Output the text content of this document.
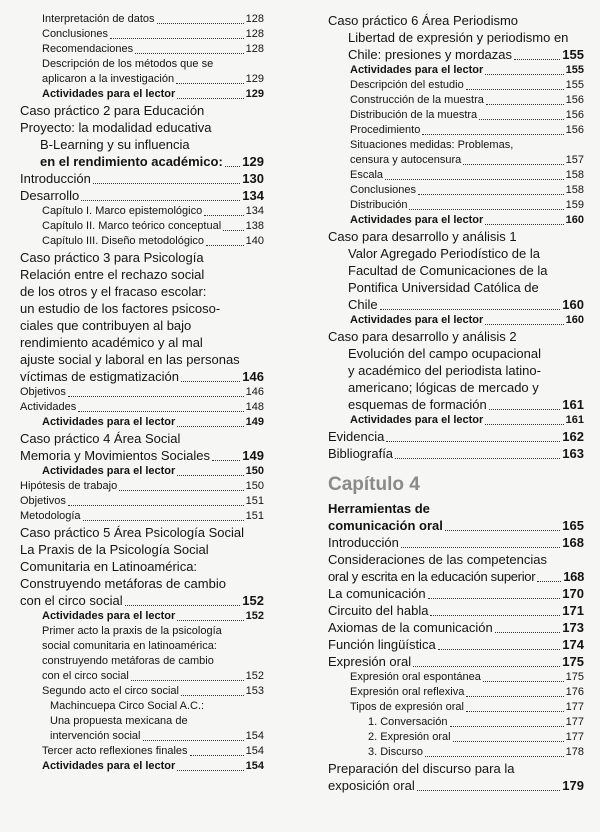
Interpretación de datos	128
Conclusiones	128
Recomendaciones	128
Descripción de los métodos que se
aplicaron a la investigación	129
Actividades para el lector	129
Caso práctico 2 para Educación
Proyecto: la modalidad educativa
B-Learning y su influencia
en el rendimiento académico: 129
Introducción	130
Desarrollo	134
Capítulo I. Marco epistemológico	134
Capítulo II. Marco teórico conceptual 138
Capítulo III. Diseño metodológico	140
Caso práctico 3 para Psicología
Relación entre el rechazo social
de los otros y el fracaso escolar:
un estudio de los factores psicoso-
ciales que contribuyen al bajo
rendimiento académico y al mal
ajuste social y laboral en las personas
víctimas de estigmatización	146
Objetivos	146
Actividades	148
Actividades para el lector	149
Caso práctico 4 Área Social
Memoria y Movimientos Sociales 149
Actividades para el lector	150
Hipótesis de trabajo	150
Objetivos	151
Metodología	151
Caso práctico 5 Área Psicología Social
La Praxis de la Psicología Social
Comunitaria en Latinoamérica:
Construyendo metáforas de cambio
con el circo social	152
Actividades para el lector	152
Primer acto la praxis de la psicología
social comunitaria en latinoamérica:
construyendo metáforas de cambio
con el circo social	152
Segundo acto el circo social	153
Machincuepa Circo Social A.C.:
Una propuesta mexicana de
intervención social	154
Tercer acto reflexiones finales	154
Actividades para el lector	154
Caso práctico 6 Área Periodismo
Libertad de expresión y periodismo en
Chile: presiones y mordazas	155
Actividades para el lector	155
Descripción del estudio	155
Construcción de la muestra	156
Distribución de la muestra	156
Procedimiento	156
Situaciones medidas: Problemas,
censura y autocensura	157
Escala	158
Conclusiones	158
Distribución	159
Actividades para el lector	160
Caso para desarrollo y análisis 1
Valor Agregado Periodístico de la
Facultad de Comunicaciones de la
Pontifica Universidad Católica de
Chile	160
Actividades para el lector	160
Caso para desarrollo y análisis 2
Evolución del campo ocupacional
y académico del periodista latino-
americano; lógicas de mercado y
esquemas de formación	161
Actividades para el lector	161
Evidencia	162
Bibliografía	163
Capítulo 4
Herramientas de
comunicación oral	165
Introducción	168
Consideraciones de las competencias
oral y escrita en la educación superior 168
La comunicación	170
Circuito del habla	171
Axiomas de la comunicación	173
Función lingüística	174
Expresión oral	175
Expresión oral espontánea	175
Expresión oral reflexiva	176
Tipos de expresión oral	177
1. Conversación	177
2. Expresión oral	177
3. Discurso	178
Preparación del discurso para la
exposición oral	179
